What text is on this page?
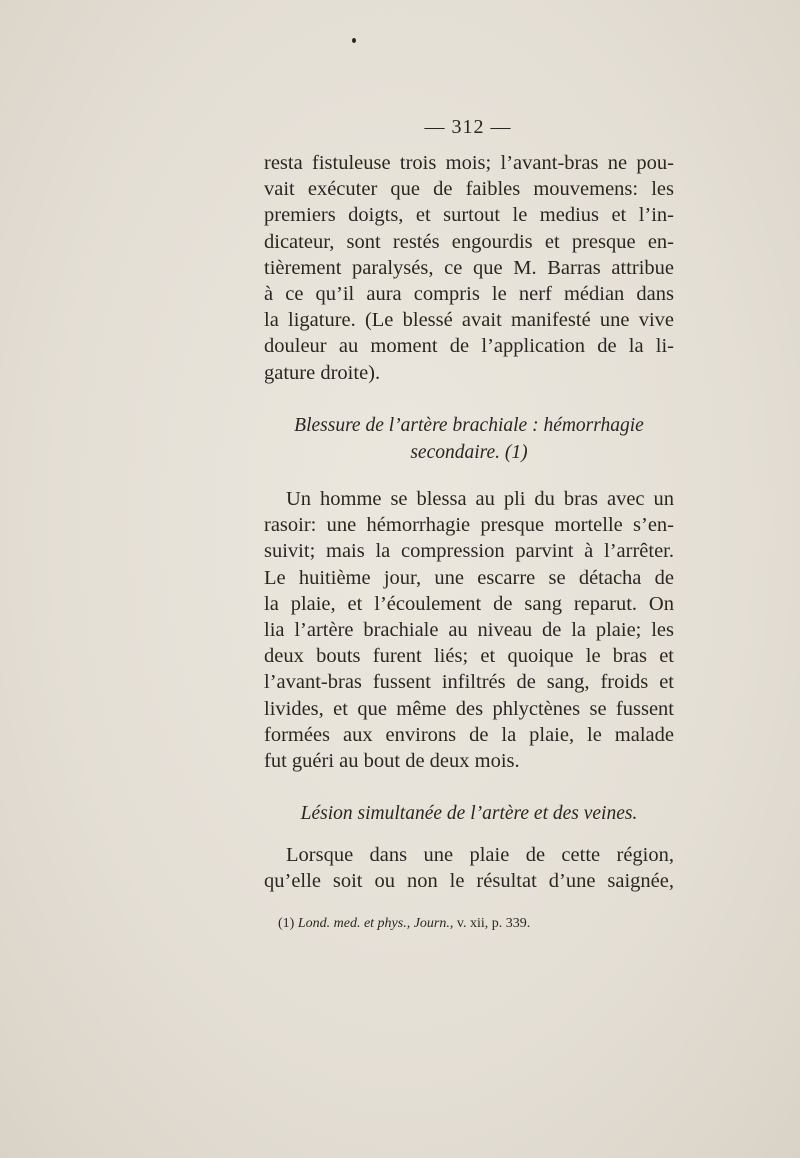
— 312 —
resta fistuleuse trois mois; l’avant-bras ne pou-
vait exécuter que de faibles mouvemens: les
premiers doigts, et surtout le medius et l’in-
dicateur, sont restés engourdis et presque en-
tièrement paralysés, ce que M. Barras attribue
à ce qu’il aura compris le nerf médian dans
la ligature. (Le blessé avait manifesté une vive
douleur au moment de l’application de la li-
gature droite).
Blessure de l’artère brachiale : hémorrhagie
secondaire. (1)
Un homme se blessa au pli du bras avec un
rasoir: une hémorrhagie presque mortelle s’en-
suivit; mais la compression parvint à l’arrêter.
Le huitième jour, une escarre se détacha de
la plaie, et l’écoulement de sang reparut. On
lia l’artère brachiale au niveau de la plaie; les
deux bouts furent liés; et quoique le bras et
l’avant-bras fussent infiltrés de sang, froids et
livides, et que même des phlyctènes se fussent
formées aux environs de la plaie, le malade
fut guéri au bout de deux mois.
Lésion simultanée de l’artère et des veines.
Lorsque dans une plaie de cette région,
qu’elle soit ou non le résultat d’une saignée,
(1) Lond. med. et phys., Journ., v. xii, p. 339.
